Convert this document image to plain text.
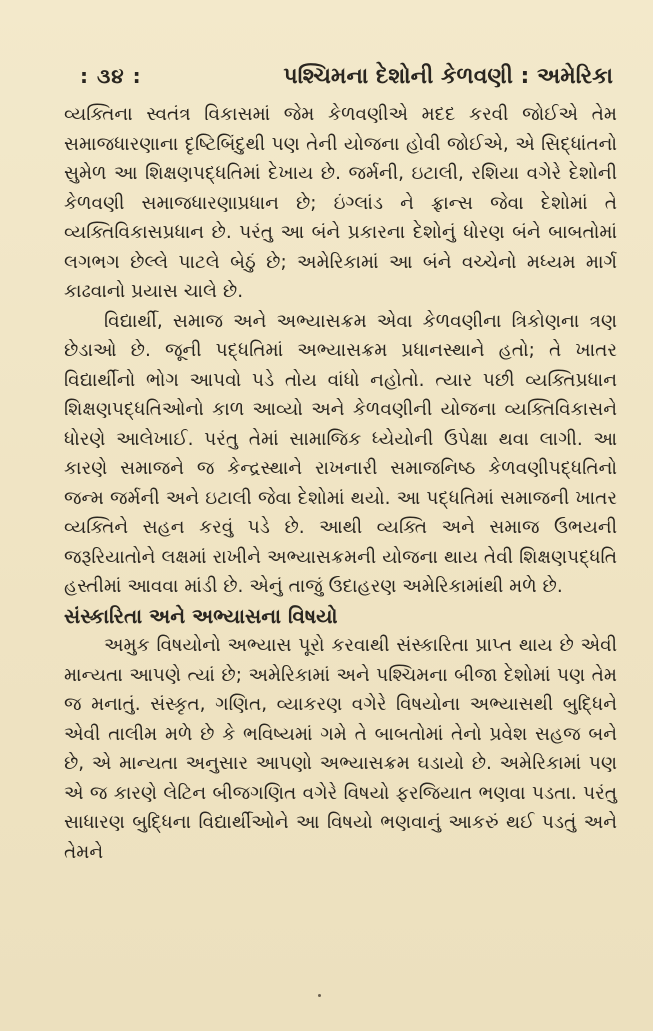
: ૩૪ :	પશ્ચિમના દેશોની કેળવણી : અમેરિકા

વ્યક્તિના સ્વતંત્ર વિકાસમાં જેમ કેળવણીએ મદદ કરવી જોઈએ તેમ સમાજધારણાના દૃષ્ટિબિંદુથી પણ તેની યોજના હોવી જોઈએ, એ સિદ્ધાંતનો સુમેળ આ શિક્ષણપદ્ધતિમાં દેખાય છે. જર્મની, ઇટાલી, રશિયા વગેરે દેશોની કેળવણી સમાજધારણાપ્રધાન છે; ઇંગ્લાંડ ને ફ્રાન્સ જેવા દેશોમાં તે વ્યક્તિવિકાસપ્રધાન છે. પરંતુ આ બંને પ્રકારના દેશોનું ધોરણ બંને બાબતોમાં લગભગ છેલ્લે પાટલે બેઠું છે; અમેરિકામાં આ બંને વચ્ચેનો મધ્યમ માર્ગ કાઢવાનો પ્રયાસ ચાલે છે.

વિદ્યાર્થી, સમાજ અને અભ્યાસક્રમ એવા કેળવણીના ત્રિકોણના ત્રણ છેડાઓ છે. જૂની પદ્ધતિમાં અભ્યાસક્રમ પ્રધાનસ્થાને હતો; તે ખાતર વિદ્યાર્થીનો ભોગ આપવો પડે તોય વાંધો નહોતો. ત્યાર પછી વ્યક્તિપ્રધાન શિક્ષણપદ્ધતિઓનો કાળ આવ્યો અને કેળવણીની યોજના વ્યક્તિવિકાસને ધોરણે આલેખાઈ. પરંતુ તેમાં સામાજિક ધ્યેયોની ઉપેક્ષા થવા લાગી. આ કારણે સમાજને જ કેન્દ્રસ્થાને રાખનારી સમાજનિષ્ઠ કેળવણીપદ્ધતિનો જન્મ જર્મની અને ઇટાલી જેવા દેશોમાં થયો. આ પદ્ધતિમાં સમાજની ખાતર વ્યક્તિને સહન કરવું પડે છે. આથી વ્યક્તિ અને સમાજ ઉભયની જરૂરિયાતોને લક્ષમાં રાખીને અભ્યાસક્રમની યોજના થાય તેવી શિક્ષણપદ્ધતિ હસ્તીમાં આવવા માંડી છે. એનું તાજું ઉદાહરણ અમેરિકામાંથી મળે છે.

સંસ્કારિતા અને અભ્યાસના વિષયો

અમુક વિષયોનો અભ્યાસ પૂરો કરવાથી સંસ્કારિતા પ્રાપ્ત થાય છે એવી માન્યતા આપણે ત્યાં છે; અમેરિકામાં અને પશ્ચિમના બીજા દેશોમાં પણ તેમ જ મનાતું. સંસ્કૃત, ગણિત, વ્યાકરણ વગેરે વિષયોના અભ્યાસથી બુદ્ધિને એવી તાલીમ મળે છે કે ભવિષ્યમાં ગમે તે બાબતોમાં તેનો પ્રવેશ સહજ બને છે, એ માન્યતા અનુસાર આપણો અભ્યાસક્રમ ઘડાયો છે. અમેરિકામાં પણ એ જ કારણે લેટિન બીજગણિત વગેરે વિષયો ફરજિયાત ભણવા પડતા. પરંતુ સાધારણ બુદ્ધિના વિદ્યાર્થીઓને આ વિષયો ભણવાનું આકરું થઈ પડતું અને તેમને
